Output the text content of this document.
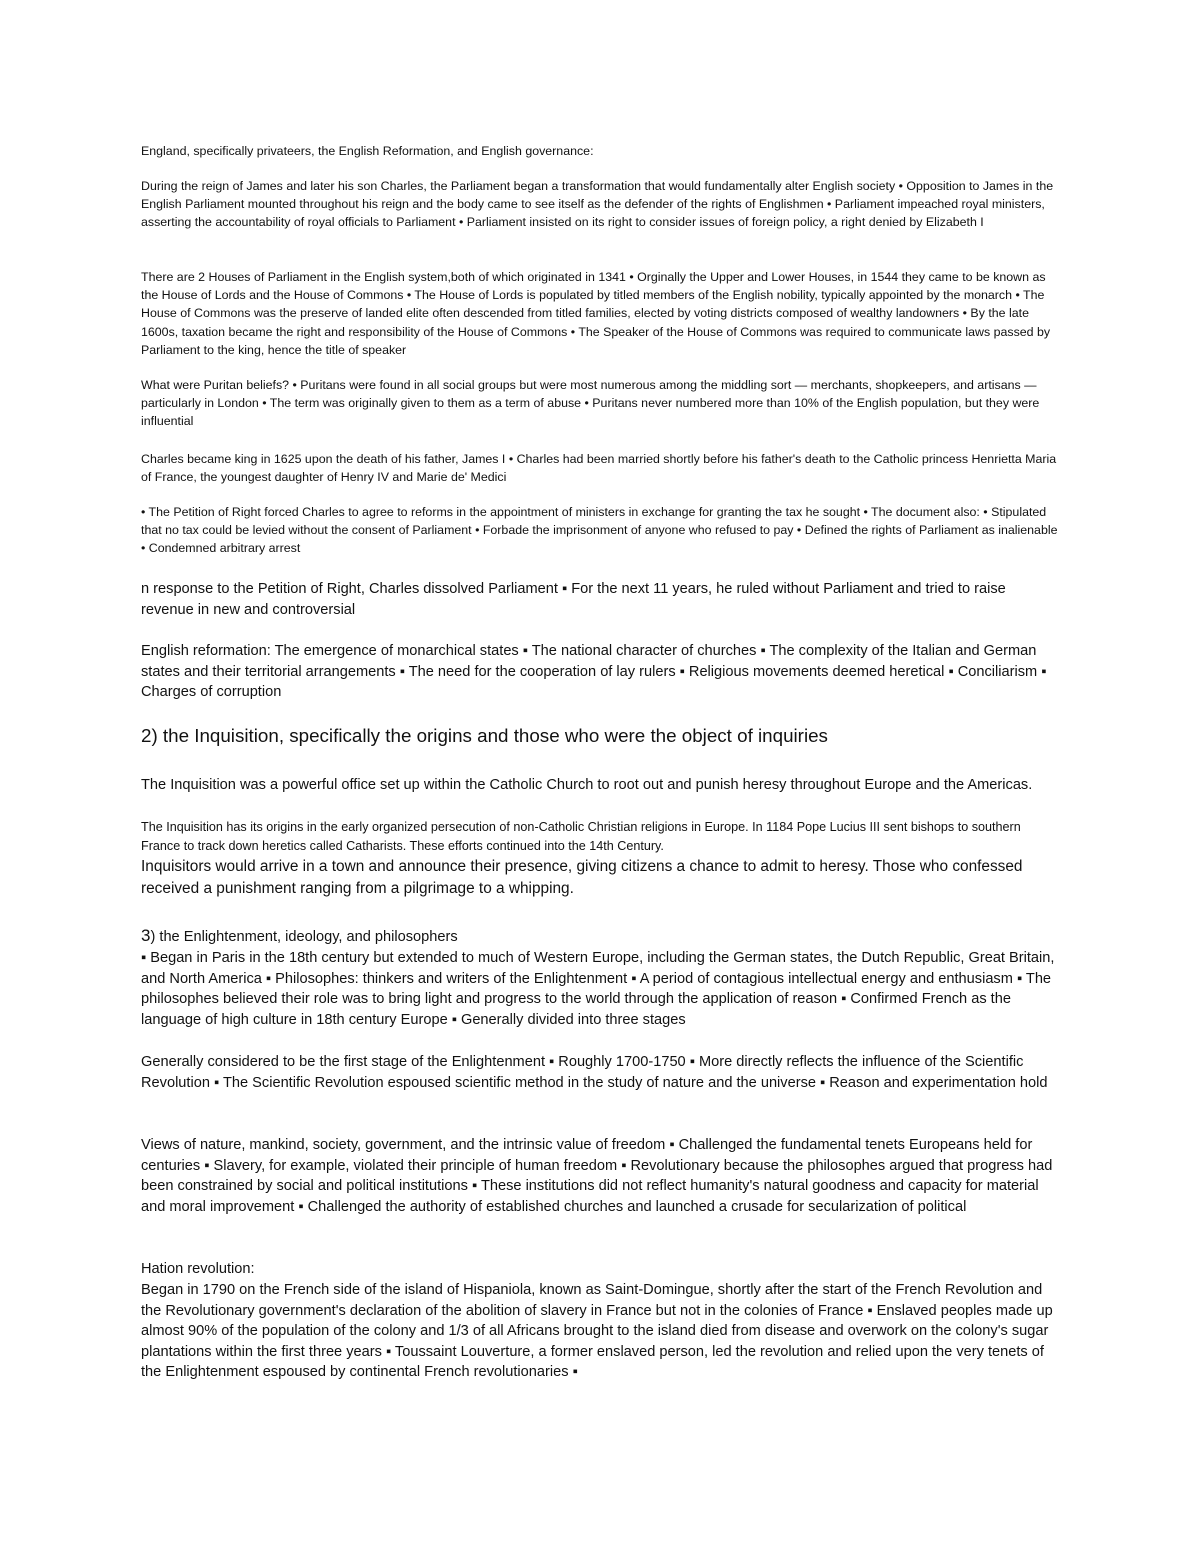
England, specifically privateers, the English Reformation, and English governance:

During the reign of James and later his son Charles, the Parliament began a transformation that would fundamentally alter English society • Opposition to James in the English Parliament mounted throughout his reign and the body came to see itself as the defender of the rights of Englishmen • Parliament impeached royal ministers, asserting the accountability of royal officials to Parliament • Parliament insisted on its right to consider issues of foreign policy, a right denied by Elizabeth I

There are 2 Houses of Parliament in the English system,both of which originated in 1341 • Orginally the Upper and Lower Houses, in 1544 they came to be known as the House of Lords and the House of Commons • The House of Lords is populated by titled members of the English nobility, typically appointed by the monarch • The House of Commons was the preserve of landed elite often descended from titled families, elected by voting districts composed of wealthy landowners • By the late 1600s, taxation became the right and responsibility of the House of Commons • The Speaker of the House of Commons was required to communicate laws passed by Parliament to the king, hence the title of speaker

What were Puritan beliefs? • Puritans were found in all social groups but were most numerous among the middling sort — merchants, shopkeepers, and artisans — particularly in London • The term was originally given to them as a term of abuse • Puritans never numbered more than 10% of the English population, but they were influential

Charles became king in 1625 upon the death of his father, James I • Charles had been married shortly before his father's death to the Catholic princess Henrietta Maria of France, the youngest daughter of Henry IV and Marie de' Medici

• The Petition of Right forced Charles to agree to reforms in the appointment of ministers in exchange for granting the tax he sought • The document also: • Stipulated that no tax could be levied without the consent of Parliament • Forbade the imprisonment of anyone who refused to pay • Defined the rights of Parliament as inalienable • Condemned arbitrary arrest

n response to the Petition of Right, Charles dissolved Parliament ▪ For the next 11 years, he ruled without Parliament and tried to raise revenue in new and controversial

English reformation: The emergence of monarchical states ▪ The national character of churches ▪ The complexity of the Italian and German states and their territorial arrangements ▪ The need for the cooperation of lay rulers ▪ Religious movements deemed heretical ▪ Conciliarism ▪ Charges of corruption

2) the Inquisition, specifically the origins and those who were the object of inquiries

The Inquisition was a powerful office set up within the Catholic Church to root out and punish heresy throughout Europe and the Americas.

The Inquisition has its origins in the early organized persecution of non-Catholic Christian religions in Europe. In 1184 Pope Lucius III sent bishops to southern France to track down heretics called Catharists. These efforts continued into the 14th Century.

Inquisitors would arrive in a town and announce their presence, giving citizens a chance to admit to heresy. Those who confessed received a punishment ranging from a pilgrimage to a whipping.

3) the Enlightenment, ideology, and philosophers

▪ Began in Paris in the 18th century but extended to much of Western Europe, including the German states, the Dutch Republic, Great Britain, and North America ▪ Philosophes: thinkers and writers of the Enlightenment ▪ A period of contagious intellectual energy and enthusiasm ▪ The philosophes believed their role was to bring light and progress to the world through the application of reason ▪ Confirmed French as the language of high culture in 18th century Europe ▪ Generally divided into three stages

Generally considered to be the first stage of the Enlightenment ▪ Roughly 1700-1750 ▪ More directly reflects the influence of the Scientific Revolution ▪ The Scientific Revolution espoused scientific method in the study of nature and the universe ▪ Reason and experimentation hold

Views of nature, mankind, society, government, and the intrinsic value of freedom ▪ Challenged the fundamental tenets Europeans held for centuries ▪ Slavery, for example, violated their principle of human freedom ▪ Revolutionary because the philosophes argued that progress had been constrained by social and political institutions ▪ These institutions did not reflect humanity's natural goodness and capacity for material and moral improvement ▪ Challenged the authority of established churches and launched a crusade for secularization of political

Hation revolution:

Began in 1790 on the French side of the island of Hispaniola, known as Saint-Domingue, shortly after the start of the French Revolution and the Revolutionary government's declaration of the abolition of slavery in France but not in the colonies of France ▪ Enslaved peoples made up almost 90% of the population of the colony and 1/3 of all Africans brought to the island died from disease and overwork on the colony's sugar plantations within the first three years ▪ Toussaint Louverture, a former enslaved person, led the revolution and relied upon the very tenets of the Enlightenment espoused by continental French revolutionaries ▪
